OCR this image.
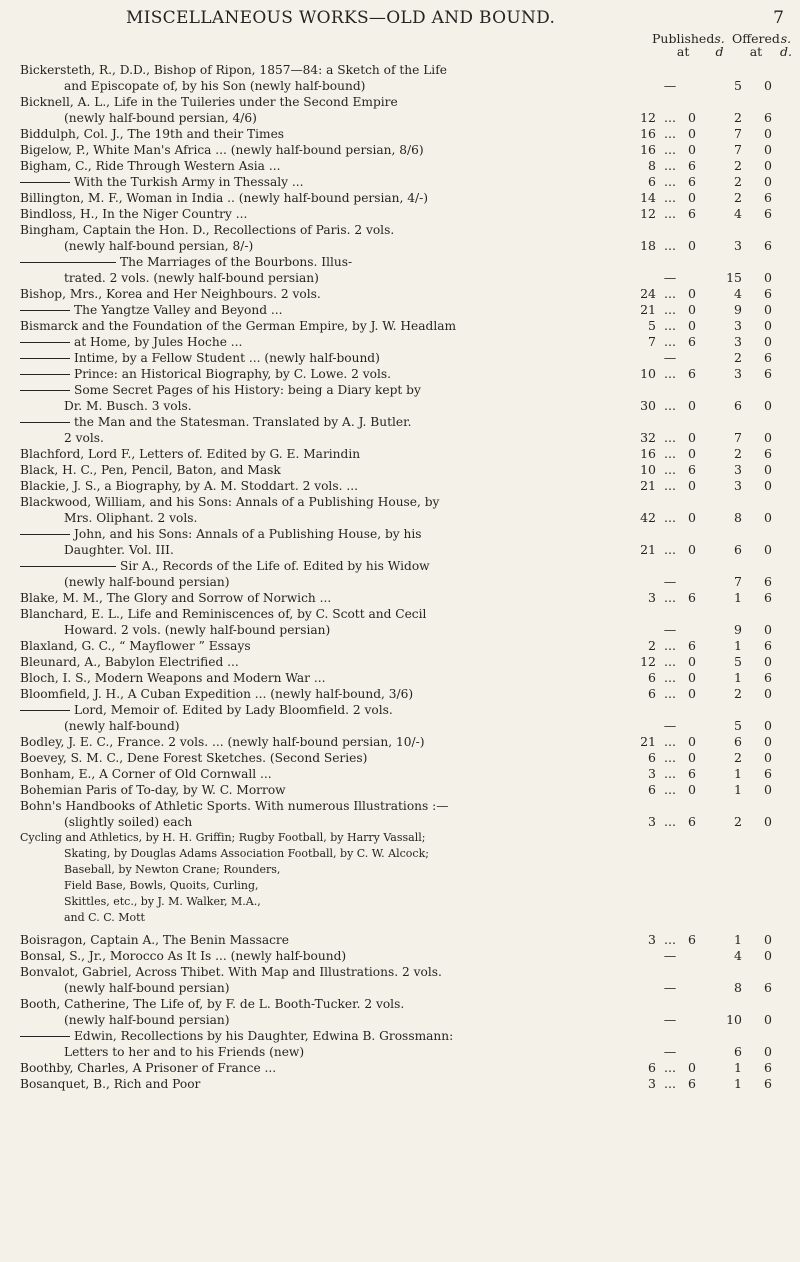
MISCELLANEOUS WORKS—OLD AND BOUND.	7
Published at
s. d
Offered at
s. d.
Bickersteth, R., D.D., Bishop of Ripon, 1857—84: a Sketch of the Life
and Episcopate of, by his Son (newly half-bound)	—	5	0
Bicknell, A. L., Life in the Tuileries under the Second Empire
(newly half-bound persian, 4/6)	12 ... 0	2	6
Biddulph, Col. J., The 19th and their Times	16 ... 0	7	0
Bigelow, P., White Man's Africa ... (newly half-bound persian, 8/6)	16 ... 0	7	0
Bigham, C., Ride Through Western Asia ...	8 ... 6	2	0
With the Turkish Army in Thessaly ...	6 ... 6	2	0
Billington, M. F., Woman in India .. (newly half-bound persian, 4/-)	14 ... 0	2	6
Bindloss, H., In the Niger Country ...	12 ... 6	4	6
Bingham, Captain the Hon. D., Recollections of Paris. 2 vols.
(newly half-bound persian, 8/-)	18 ... 0	3	6
The Marriages of the Bourbons. Illus-
trated. 2 vols. (newly half-bound persian)	—	15	0
Bishop, Mrs., Korea and Her Neighbours. 2 vols.	24 ... 0	4	6
The Yangtze Valley and Beyond ...	21 ... 0	9	0
Bismarck and the Foundation of the German Empire, by J. W. Headlam	5 ... 0	3	0
at Home, by Jules Hoche ...	7 ... 6	3	0
Intime, by a Fellow Student ... (newly half-bound)	—	2	6
Prince: an Historical Biography, by C. Lowe. 2 vols.	10 ... 6	3	6
Some Secret Pages of his History: being a Diary kept by
Dr. M. Busch. 3 vols.	30 ... 0	6	0
the Man and the Statesman. Translated by A. J. Butler.
2 vols.	32 ... 0	7	0
Blachford, Lord F., Letters of. Edited by G. E. Marindin	16 ... 0	2	6
Black, H. C., Pen, Pencil, Baton, and Mask	10 ... 6	3	0
Blackie, J. S., a Biography, by A. M. Stoddart. 2 vols. ...	21 ... 0	3	0
Blackwood, William, and his Sons: Annals of a Publishing House, by
Mrs. Oliphant. 2 vols.	42 ... 0	8	0
John, and his Sons: Annals of a Publishing House, by his
Daughter. Vol. III.	21 ... 0	6	0
Sir A., Records of the Life of. Edited by his Widow
(newly half-bound persian)	—	7	6
Blake, M. M., The Glory and Sorrow of Norwich ...	3 ... 6	1	6
Blanchard, E. L., Life and Reminiscences of, by C. Scott and Cecil
Howard. 2 vols. (newly half-bound persian)	—	9	0
Blaxland, G. C., “ Mayflower ” Essays	2 ... 6	1	6
Bleunard, A., Babylon Electrified ...	12 ... 0	5	0
Bloch, I. S., Modern Weapons and Modern War ...	6 ... 0	1	6
Bloomfield, J. H., A Cuban Expedition ... (newly half-bound, 3/6)	6 ... 0	2	0
Lord, Memoir of. Edited by Lady Bloomfield. 2 vols.
(newly half-bound)	—	5	0
Bodley, J. E. C., France. 2 vols. ... (newly half-bound persian, 10/-)	21 ... 0	6	0
Boevey, S. M. C., Dene Forest Sketches. (Second Series)	6 ... 0	2	0
Bonham, E., A Corner of Old Cornwall ...	3 ... 6	1	6
Bohemian Paris of To-day, by W. C. Morrow	6 ... 0	1	0
Bohn's Handbooks of Athletic Sports. With numerous Illustrations :—
(slightly soiled) each	3 ... 6	2	0
Cycling and Athletics, by H. H. Griffin; Rugby Football, by Harry Vassall;
Skating, by Douglas Adams Association Football, by C. W. Alcock;
Baseball, by Newton Crane; Rounders,
Field Base, Bowls, Quoits, Curling,
Skittles, etc., by J. M. Walker, M.A.,
and C. C. Mott
Boisragon, Captain A., The Benin Massacre	3 ... 6	1	0
Bonsal, S., Jr., Morocco As It Is ... (newly half-bound)	—	4	0
Bonvalot, Gabriel, Across Thibet. With Map and Illustrations. 2 vols.
(newly half-bound persian)	—	8	6
Booth, Catherine, The Life of, by F. de L. Booth-Tucker. 2 vols.
(newly half-bound persian)	—	10	0
Edwin, Recollections by his Daughter, Edwina B. Grossmann:
Letters to her and to his Friends (new)	—	6	0
Boothby, Charles, A Prisoner of France ...	6 ... 0	1	6
Bosanquet, B., Rich and Poor	3 ... 6	1	6
